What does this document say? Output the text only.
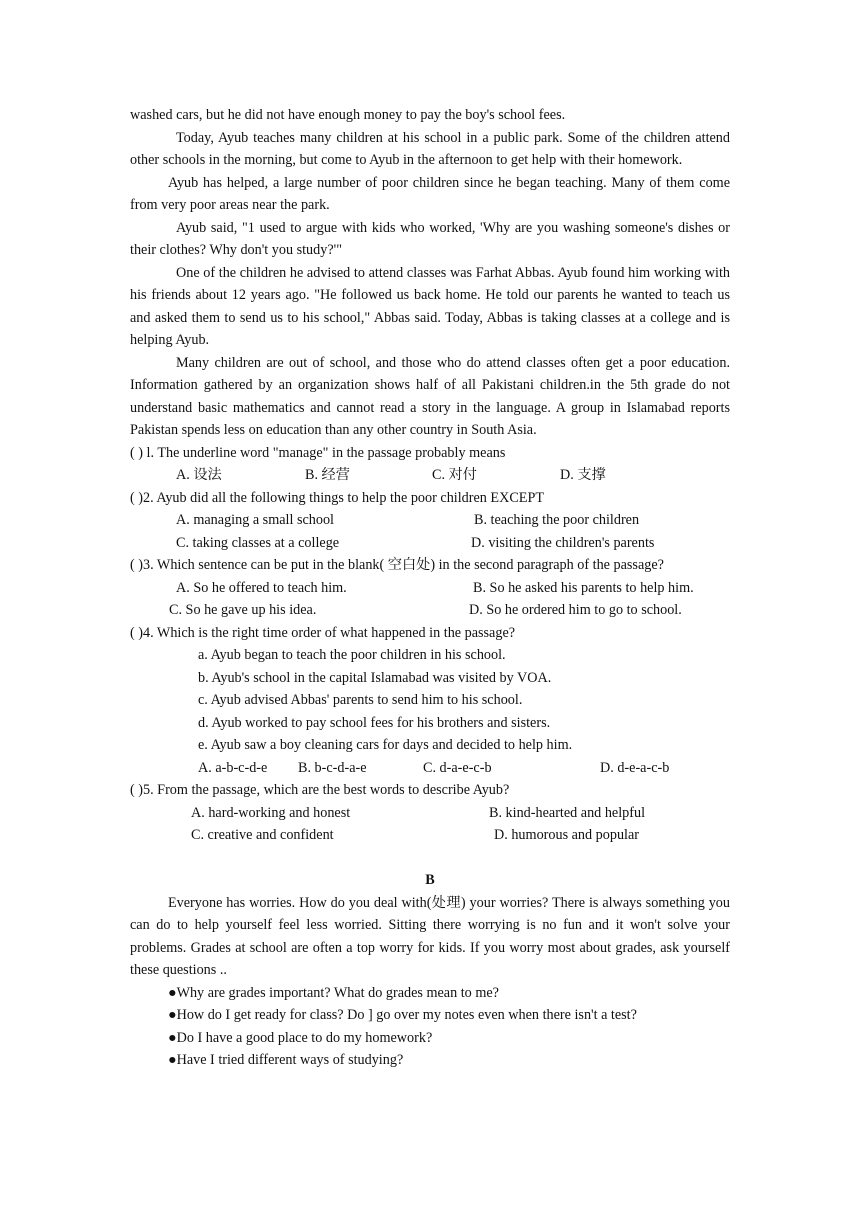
washed cars, but he did not have enough money to pay the boy's school fees.

Today, Ayub teaches many children at his school in a public park. Some of the children attend other schools in the morning, but come to Ayub in the afternoon to get help with their homework.

Ayub has helped, a large number of poor children since he began teaching. Many of them come from very poor areas near the park.

Ayub said, "1 used to argue with kids who worked, 'Why are you washing someone's dishes or their clothes? Why don't you study?'"

One of the children he advised to attend classes was Farhat Abbas. Ayub found him working with his friends about 12 years ago. "He followed us back home. He told our parents he wanted to teach us and asked them to send us to his school," Abbas said. Today, Abbas is taking classes at a college and is helping Ayub.

Many children are out of school, and those who do attend classes often get a poor education. Information gathered by an organization shows half of all Pakistani children.in the 5th grade do not understand basic mathematics and cannot read a story in the language. A group in Islamabad reports Pakistan spends less on education than any other country in South Asia.

( ) l. The underline word "manage" in the passage probably means
A. 设法	B. 经营	C. 对付	D. 支撑
( )2. Ayub did all the following things to help the poor children EXCEPT
A. managing a small school	B. teaching the poor children
C. taking classes at a college	D. visiting the children's parents
( )3. Which sentence can be put in the blank( 空白处) in the second paragraph of the passage?
A. So he offered to teach him.	B. So he asked his parents to help him.
C. So he gave up his idea.	D. So he ordered him to go to school.
( )4. Which is the right time order of what happened in the passage?
a. Ayub began to teach the poor children in his school.
b. Ayub's school in the capital Islamabad was visited by VOA.
c. Ayub advised Abbas' parents to send him to his school.
d. Ayub worked to pay school fees for his brothers and sisters.
e. Ayub saw a boy cleaning cars for days and decided to help him.
A. a-b-c-d-e B. b-c-d-a-e	C. d-a-e-c-b	D. d-e-a-c-b
( )5. From the passage, which are the best words to describe Ayub?
A. hard-working and honest	B. kind-hearted and helpful
C. creative and confident	D. humorous and popular
B

Everyone has worries. How do you deal with(处理) your worries? There is always something you can do to help yourself feel less worried. Sitting there worrying is no fun and it won't solve your problems. Grades at school are often a top worry for kids. If you worry most about grades, ask yourself these questions ..

●Why are grades important? What do grades mean to me?
●How do I get ready for class? Do ] go over my notes even when there isn't a test?
●Do I have a good place to do my homework?
●Have I tried different ways of studying?
